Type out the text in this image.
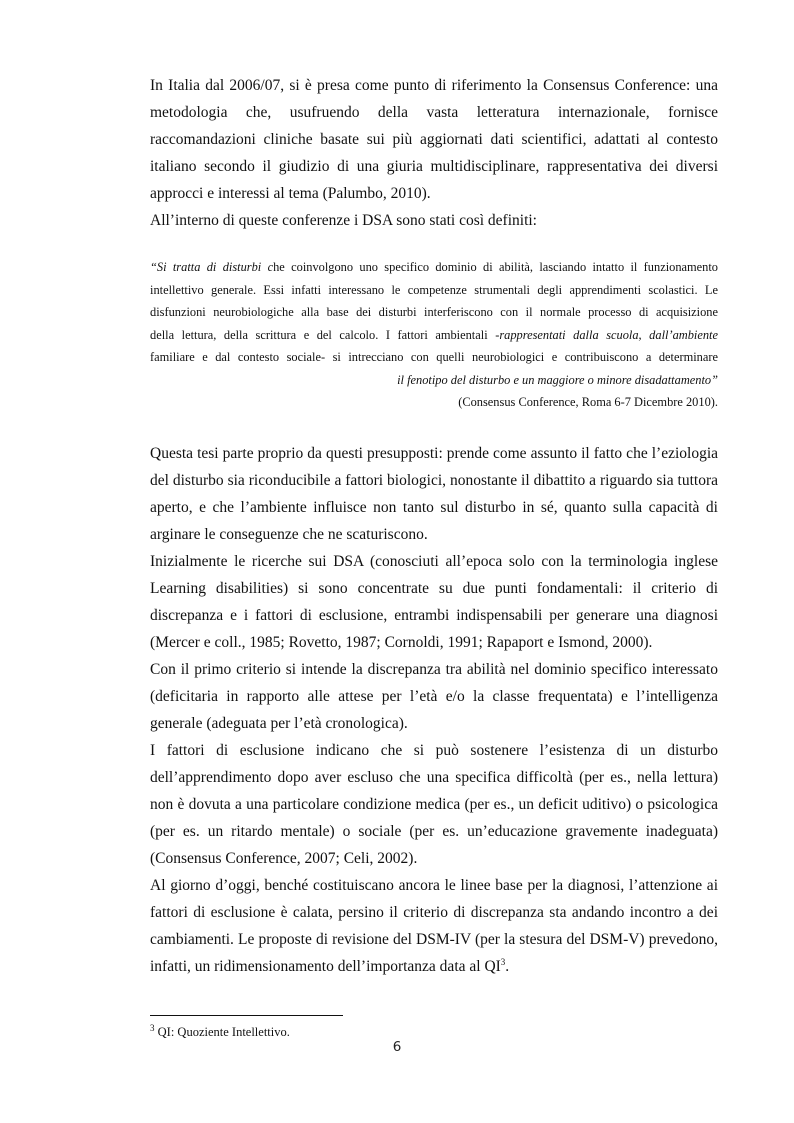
In Italia dal 2006/07, si è presa come punto di riferimento la Consensus Conference: una metodologia che, usufruendo della vasta letteratura internazionale, fornisce raccomandazioni cliniche basate sui più aggiornati dati scientifici, adattati al contesto italiano secondo il giudizio di una giuria multidisciplinare, rappresentativa dei diversi approcci e interessi al tema (Palumbo, 2010).

All’interno di queste conferenze i DSA sono stati così definiti:

“Si tratta di disturbi che coinvolgono uno specifico dominio di abilità, lasciando intatto il funzionamento
intellettivo generale. Essi infatti interessano le competenze strumentali degli apprendimenti scolastici. Le
disfunzioni neurobiologiche alla base dei disturbi interferiscono con il normale processo di acquisizione
della lettura, della scrittura e del calcolo. I fattori ambientali -rappresentati dalla scuola, dall’ambiente
familiare e dal contesto sociale- si intrecciano con quelli neurobiologici e contribuiscono a determinare
il fenotipo del disturbo e un maggiore o minore disadattamento”
(Consensus Conference, Roma 6-7 Dicembre 2010).

Questa tesi parte proprio da questi presupposti: prende come assunto il fatto che l’eziologia del disturbo sia riconducibile a fattori biologici, nonostante il dibattito a riguardo sia tuttora aperto, e che l’ambiente influisce non tanto sul disturbo in sé, quanto sulla capacità di arginare le conseguenze che ne scaturiscono.

Inizialmente le ricerche sui DSA (conosciuti all’epoca solo con la terminologia inglese Learning disabilities) si sono concentrate su due punti fondamentali: il criterio di discrepanza e i fattori di esclusione, entrambi indispensabili per generare una diagnosi (Mercer e coll., 1985; Rovetto, 1987; Cornoldi, 1991; Rapaport e Ismond, 2000).

Con il primo criterio si intende la discrepanza tra abilità nel dominio specifico interessato (deficitaria in rapporto alle attese per l’età e/o la classe frequentata) e l’intelligenza generale (adeguata per l’età cronologica).

I fattori di esclusione indicano che si può sostenere l’esistenza di un disturbo dell’apprendimento dopo aver escluso che una specifica difficoltà (per es., nella lettura) non è dovuta a una particolare condizione medica (per es., un deficit uditivo) o psicologica (per es. un ritardo mentale) o sociale (per es. un’educazione gravemente inadeguata) (Consensus Conference, 2007; Celi, 2002).

Al giorno d’oggi, benché costituiscano ancora le linee base per la diagnosi, l’attenzione ai fattori di esclusione è calata, persino il criterio di discrepanza sta andando incontro a dei cambiamenti. Le proposte di revisione del DSM-IV (per la stesura del DSM-V) prevedono, infatti, un ridimensionamento dell’importanza data al $QI^3$.

$^3$ QI: Quoziente Intellettivo.
6
